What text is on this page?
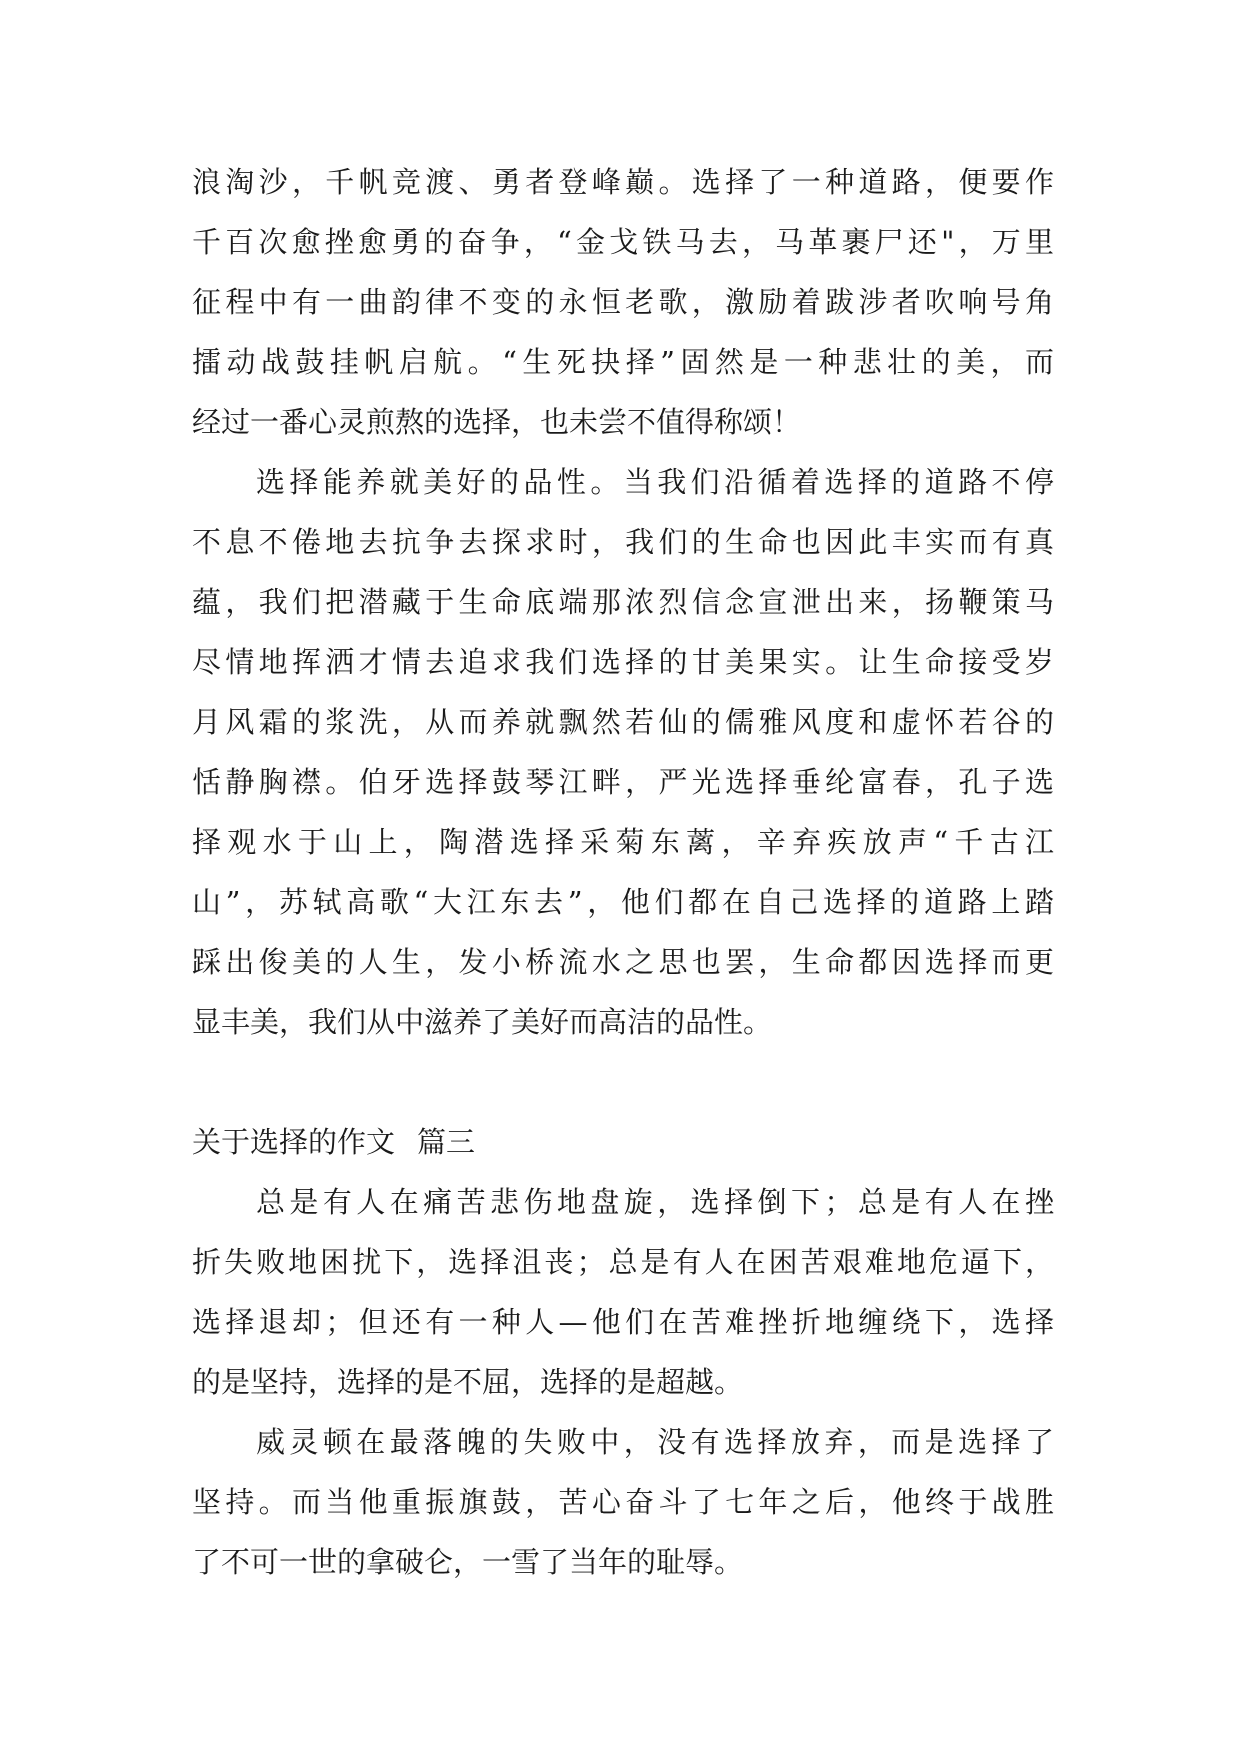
浪淘沙，千帆竞渡、勇者登峰巅。选择了一种道路，便要作
千百次愈挫愈勇的奋争，“金戈铁马去，马革裹尸还"，万里
征程中有一曲韵律不变的永恒老歌，激励着跋涉者吹响号角
擂动战鼓挂帆启航。“生死抉择”固然是一种悲壮的美，而
经过一番心灵煎熬的选择，也未尝不值得称颂！
选择能养就美好的品性。当我们沿循着选择的道路不停
不息不倦地去抗争去探求时，我们的生命也因此丰实而有真
蕴，我们把潜藏于生命底端那浓烈信念宣泄出来，扬鞭策马
尽情地挥洒才情去追求我们选择的甘美果实。让生命接受岁
月风霜的浆洗，从而养就飘然若仙的儒雅风度和虚怀若谷的
恬静胸襟。伯牙选择鼓琴江畔，严光选择垂纶富春，孔子选
择观水于山上，陶潜选择采菊东蓠，辛弃疾放声“千古江
山”，苏轼高歌“大江东去”，他们都在自己选择的道路上踏
踩出俊美的人生，发小桥流水之思也罢，生命都因选择而更
显丰美，我们从中滋养了美好而高洁的品性。
关于选择的作文 篇三
总是有人在痛苦悲伤地盘旋，选择倒下；总是有人在挫
折失败地困扰下，选择沮丧；总是有人在困苦艰难地危逼下，
选择退却；但还有一种人—他们在苦难挫折地缠绕下，选择
的是坚持，选择的是不屈，选择的是超越。
威灵顿在最落魄的失败中，没有选择放弃，而是选择了
坚持。而当他重振旗鼓，苦心奋斗了七年之后，他终于战胜
了不可一世的拿破仑，一雪了当年的耻辱。
